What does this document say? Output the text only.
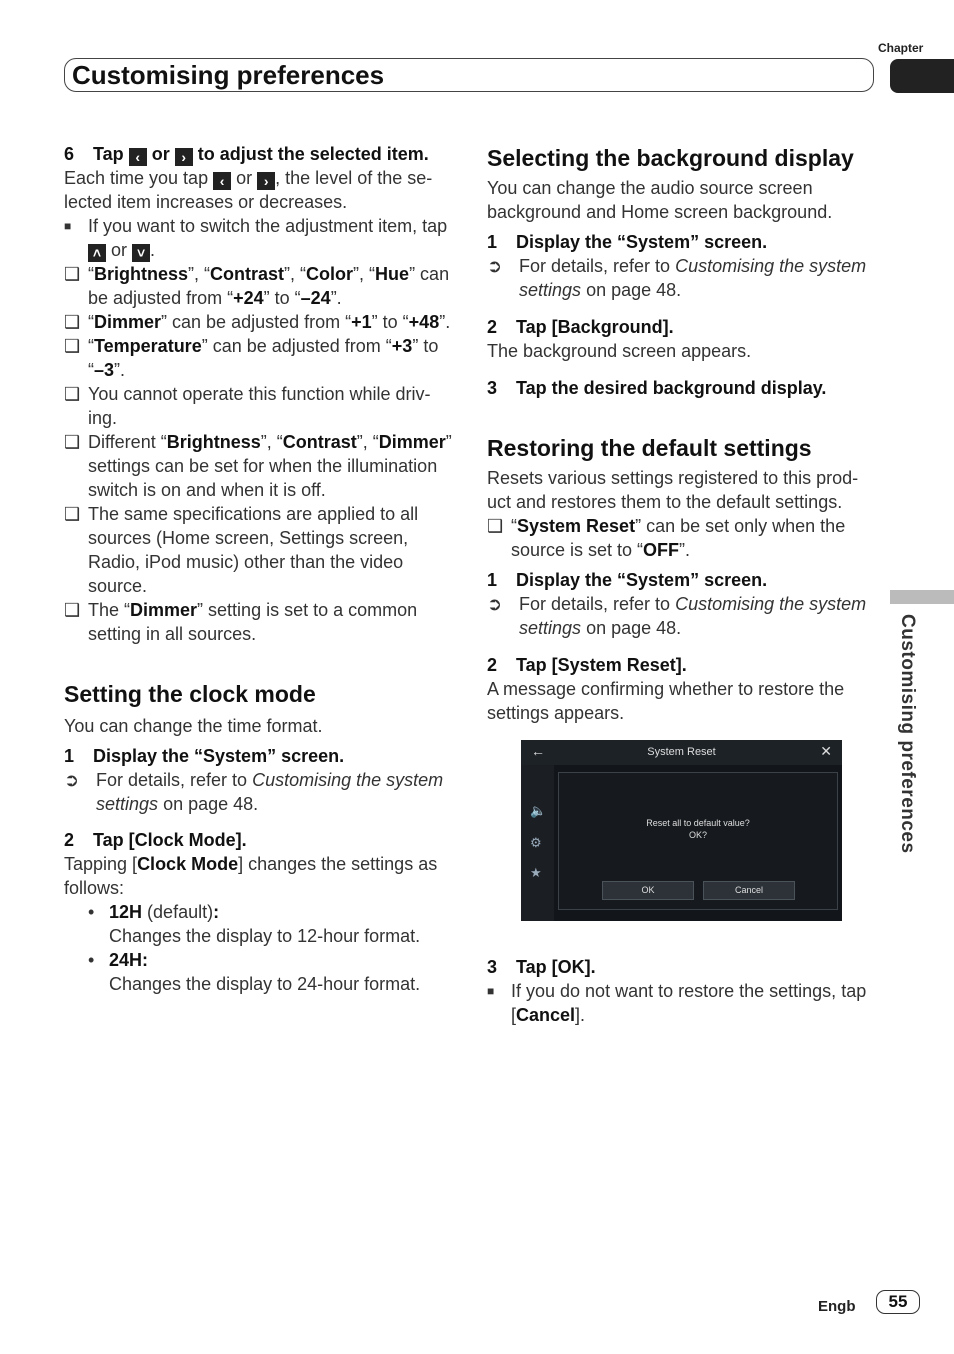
Chapter
Customising preferences
Customising preferences

6 Tap ‹ or › to adjust the selected item.

Each time you tap ‹ or › , the level of the se- lected item increases or decreases.

■ If you want to switch the adjustment item, tap ˄ or ˅ .

❑ “Brightness”, “Contrast”, “Color”, “Hue” can be adjusted from “+24” to “–24”.

❑ “Dimmer” can be adjusted from “+1” to “+48”.

❑ “Temperature” can be adjusted from “+3” to “–3”.

❑ You cannot operate this function while driv- ing.

❑ Different “Brightness”, “Contrast”, “Dimmer” settings can be set for when the illumination switch is on and when it is off.

❑ The same specifications are applied to all sources (Home screen, Settings screen, Radio, iPod music) other than the video source.

❑ The “Dimmer” setting is set to a common setting in all sources.

Setting the clock mode

You can change the time format.

1 Display the “System” screen.

➲ For details, refer to Customising the system settings on page 48.

2 Tap [Clock Mode].

Tapping [Clock Mode] changes the settings as follows:

• 12H (default):

Changes the display to 12-hour format.

• 24H:

Changes the display to 24-hour format.

Selecting the background display

You can change the audio source screen background and Home screen background.

1 Display the “System” screen.

➲ For details, refer to Customising the system settings on page 48.

2 Tap [Background].

The background screen appears.

3 Tap the desired background display.

Restoring the default settings

Resets various settings registered to this prod- uct and restores them to the default settings.

❑ “System Reset” can be set only when the source is set to “OFF”.

1 Display the “System” screen.

➲ For details, refer to Customising the system settings on page 48.

2 Tap [System Reset].

A message confirming whether to restore the settings appears.

←	System Reset	✕
🔈
⚙
★
Reset all to default value?
OK?
OK	Cancel

3 Tap [OK].

■ If you do not want to restore the settings, tap [Cancel].

Engb	55
